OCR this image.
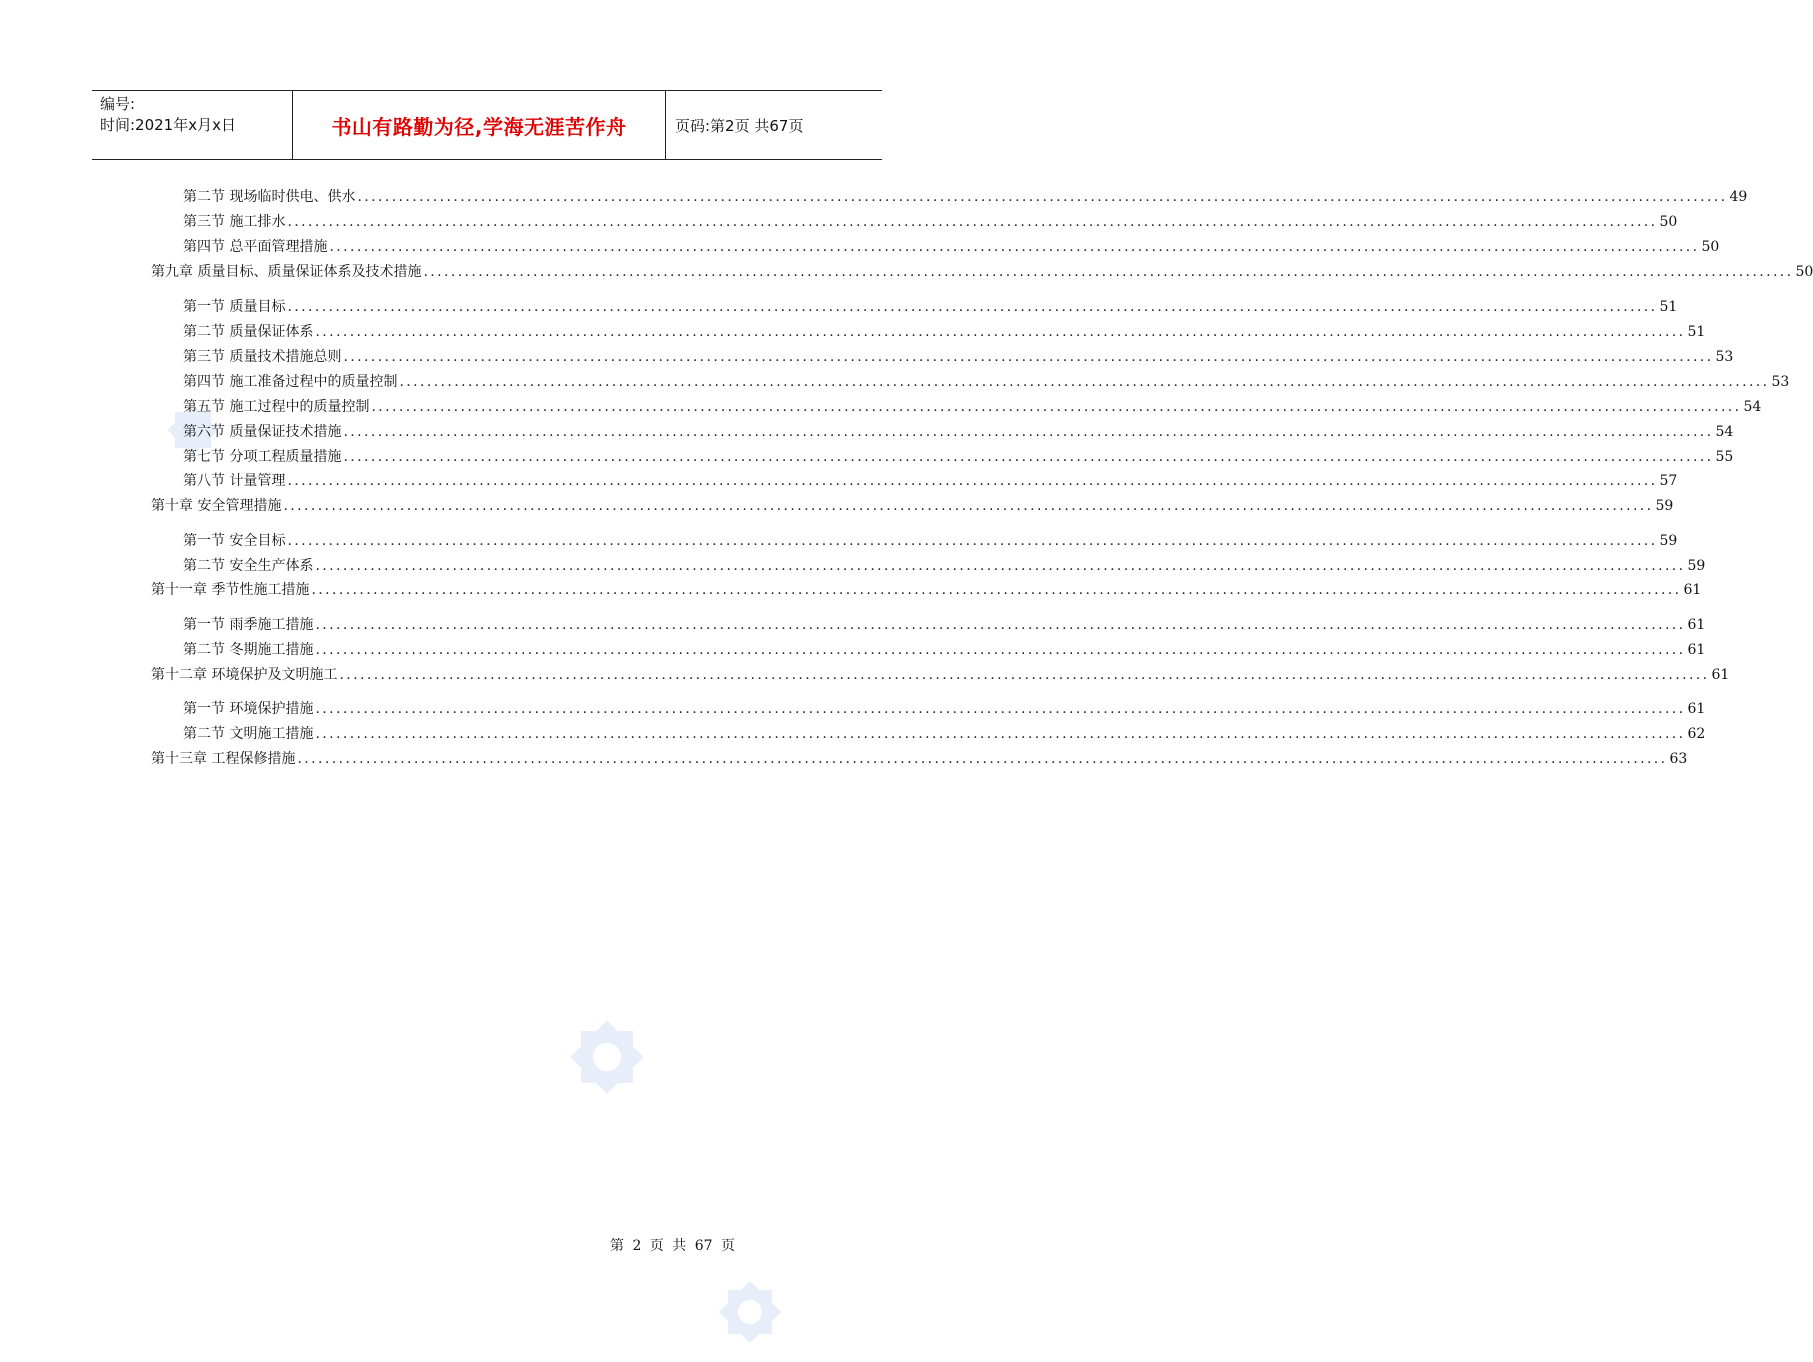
编号:
时间:2021年x月x日	书山有路勤为径,学海无涯苦作舟	页码:第2页 共67页
第二节 现场临时供电、供水 ........................................................................................................................................................................................................ 49
第三节 施工排水 ........................................................................................................................................................................................................ 50
第四节 总平面管理措施 ........................................................................................................................................................................................................ 50
第九章 质量目标、质量保证体系及技术措施 ........................................................................................................................................................................................................ 50
第一节 质量目标 ........................................................................................................................................................................................................ 51
第二节 质量保证体系 ........................................................................................................................................................................................................ 51
第三节 质量技术措施总则 ........................................................................................................................................................................................................ 53
第四节 施工准备过程中的质量控制 ........................................................................................................................................................................................................ 53
第五节 施工过程中的质量控制 ........................................................................................................................................................................................................ 54
第六节 质量保证技术措施 ........................................................................................................................................................................................................ 54
第七节 分项工程质量措施 ........................................................................................................................................................................................................ 55
第八节 计量管理 ........................................................................................................................................................................................................ 57
第十章 安全管理措施 ........................................................................................................................................................................................................ 59
第一节 安全目标 ........................................................................................................................................................................................................ 59
第二节 安全生产体系 ........................................................................................................................................................................................................ 59
第十一章 季节性施工措施 ........................................................................................................................................................................................................ 61
第一节 雨季施工措施 ........................................................................................................................................................................................................ 61
第二节 冬期施工措施 ........................................................................................................................................................................................................ 61
第十二章 环境保护及文明施工 ........................................................................................................................................................................................................ 61
第一节 环境保护措施 ........................................................................................................................................................................................................ 61
第二节 文明施工措施 ........................................................................................................................................................................................................ 62
第十三章 工程保修措施 ........................................................................................................................................................................................................ 63
第 2 页 共 67 页
